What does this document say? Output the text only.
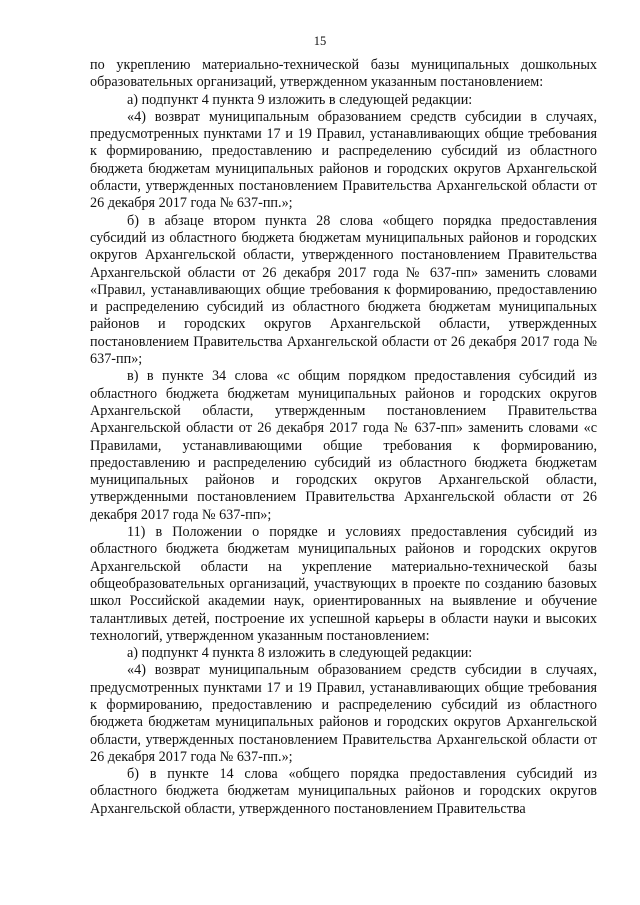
15

по укреплению материально-технической базы муниципальных дошкольных образовательных организаций, утвержденном указанным постановлением:

а) подпункт 4 пункта 9 изложить в следующей редакции:

«4) возврат муниципальным образованием средств субсидии в случаях, предусмотренных пунктами 17 и 19 Правил, устанавливающих общие требования к формированию, предоставлению и распределению субсидий из областного бюджета бюджетам муниципальных районов и городских округов Архангельской области, утвержденных постановлением Правительства Архангельской области от 26 декабря 2017 года № 637-пп.»;

б) в абзаце втором пункта 28 слова «общего порядка предоставления субсидий из областного бюджета бюджетам муниципальных районов и городских округов Архангельской области, утвержденного постановлением Правительства Архангельской области от 26 декабря 2017 года № 637-пп» заменить словами «Правил, устанавливающих общие требования к формированию, предоставлению и распределению субсидий из областного бюджета бюджетам муниципальных районов и городских округов Архангельской области, утвержденных постановлением Правительства Архангельской области от 26 декабря 2017 года № 637-пп»;

в) в пункте 34 слова «с общим порядком предоставления субсидий из областного бюджета бюджетам муниципальных районов и городских округов Архангельской области, утвержденным постановлением Правительства Архангельской области от 26 декабря 2017 года № 637-пп» заменить словами «с Правилами, устанавливающими общие требования к формированию, предоставлению и распределению субсидий из областного бюджета бюджетам муниципальных районов и городских округов Архангельской области, утвержденными постановлением Правительства Архангельской области от 26 декабря 2017 года № 637-пп»;

11) в Положении о порядке и условиях предоставления субсидий из областного бюджета бюджетам муниципальных районов и городских округов Архангельской области на укрепление материально-технической базы общеобразовательных организаций, участвующих в проекте по созданию базовых школ Российской академии наук, ориентированных на выявление и обучение талантливых детей, построение их успешной карьеры в области науки и высоких технологий, утвержденном указанным постановлением:

а) подпункт 4 пункта 8 изложить в следующей редакции:

«4) возврат муниципальным образованием средств субсидии в случаях, предусмотренных пунктами 17 и 19 Правил, устанавливающих общие требования к формированию, предоставлению и распределению субсидий из областного бюджета бюджетам муниципальных районов и городских округов Архангельской области, утвержденных постановлением Правительства Архангельской области от 26 декабря 2017 года № 637-пп.»;

б) в пункте 14 слова «общего порядка предоставления субсидий из областного бюджета бюджетам муниципальных районов и городских округов Архангельской области, утвержденного постановлением Правительства
